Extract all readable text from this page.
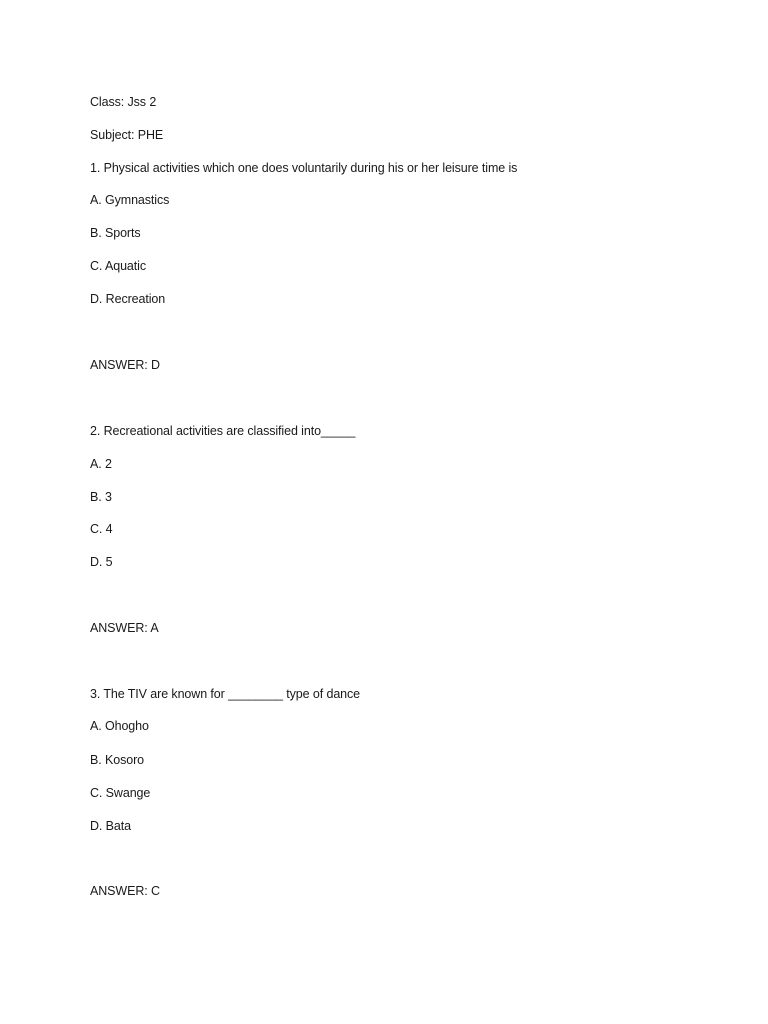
Class: Jss 2
Subject: PHE
1. Physical activities which one does voluntarily during his or her leisure time is
A. Gymnastics
B. Sports
C. Aquatic
D. Recreation
ANSWER: D
2. Recreational activities are classified into_____
A. 2
B. 3
C. 4
D. 5
ANSWER: A
3. The TIV are known for ________ type of dance
A. Ohogho
B. Kosoro
C. Swange
D. Bata
ANSWER: C
